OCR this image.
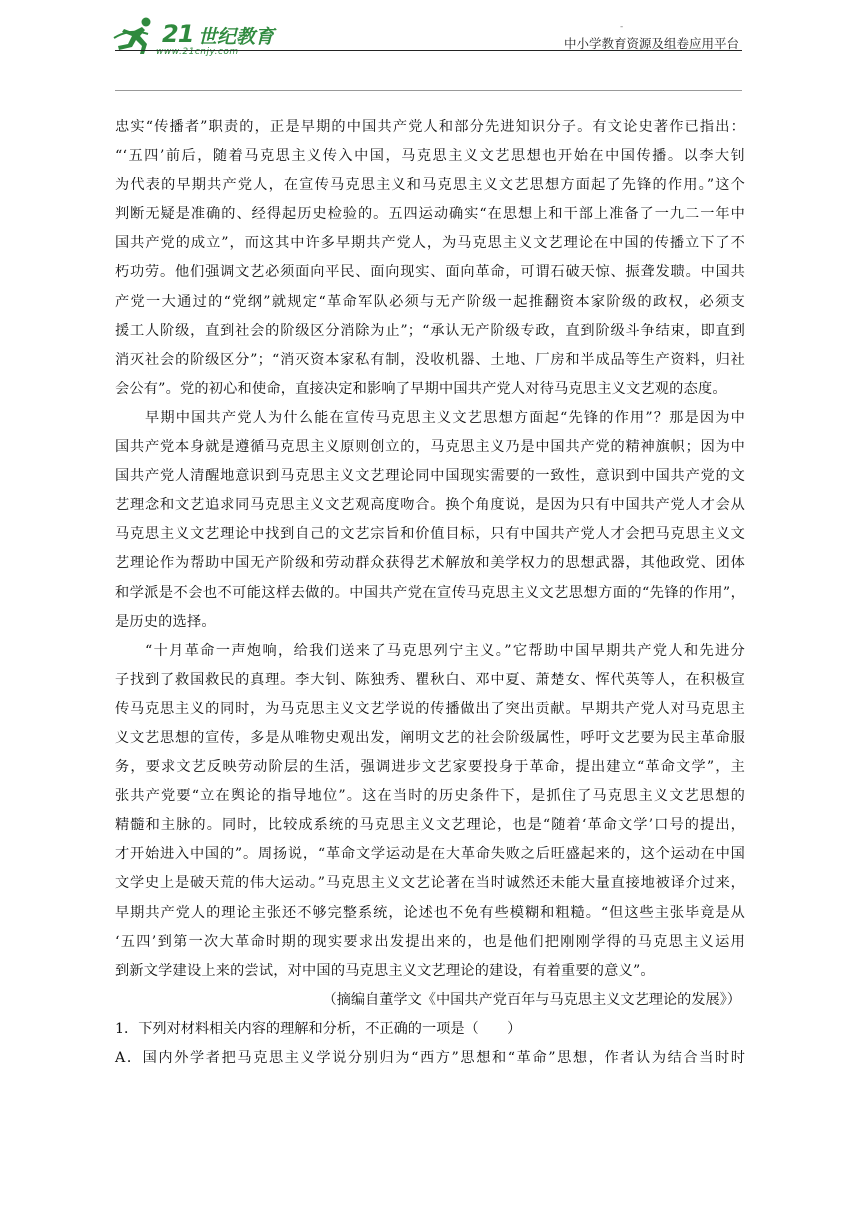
21 世纪教育
www.21cnjy.com
-
中小学教育资源及组卷应用平台
忠实“传播者”职责的，正是早期的中国共产党人和部分先进知识分子。有文论史著作已指出：
“‘五四’前后，随着马克思主义传入中国，马克思主义文艺思想也开始在中国传播。以李大钊
为代表的早期共产党人，在宣传马克思主义和马克思主义文艺思想方面起了先锋的作用。”这个
判断无疑是准确的、经得起历史检验的。五四运动确实“在思想上和干部上准备了一九二一年中
国共产党的成立”，而这其中许多早期共产党人，为马克思主义文艺理论在中国的传播立下了不
朽功劳。他们强调文艺必须面向平民、面向现实、面向革命，可谓石破天惊、振聋发聩。中国共
产党一大通过的“党纲”就规定“革命军队必须与无产阶级一起推翻资本家阶级的政权，必须支
援工人阶级，直到社会的阶级区分消除为止”；“承认无产阶级专政，直到阶级斗争结束，即直到
消灭社会的阶级区分”；“消灭资本家私有制，没收机器、土地、厂房和半成品等生产资料，归社
会公有”。党的初心和使命，直接决定和影响了早期中国共产党人对待马克思主义文艺观的态度。
早期中国共产党人为什么能在宣传马克思主义文艺思想方面起“先锋的作用”？那是因为中
国共产党本身就是遵循马克思主义原则创立的，马克思主义乃是中国共产党的精神旗帜；因为中
国共产党人清醒地意识到马克思主义文艺理论同中国现实需要的一致性，意识到中国共产党的文
艺理念和文艺追求同马克思主义文艺观高度吻合。换个角度说，是因为只有中国共产党人才会从
马克思主义文艺理论中找到自己的文艺宗旨和价值目标，只有中国共产党人才会把马克思主义文
艺理论作为帮助中国无产阶级和劳动群众获得艺术解放和美学权力的思想武器，其他政党、团体
和学派是不会也不可能这样去做的。中国共产党在宣传马克思主义文艺思想方面的“先锋的作用”，
是历史的选择。
“十月革命一声炮响，给我们送来了马克思列宁主义。”它帮助中国早期共产党人和先进分
子找到了救国救民的真理。李大钊、陈独秀、瞿秋白、邓中夏、萧楚女、恽代英等人，在积极宣
传马克思主义的同时，为马克思主义文艺学说的传播做出了突出贡献。早期共产党人对马克思主
义文艺思想的宣传，多是从唯物史观出发，阐明文艺的社会阶级属性，呼吁文艺要为民主革命服
务，要求文艺反映劳动阶层的生活，强调进步文艺家要投身于革命，提出建立“革命文学”，主
张共产党要“立在舆论的指导地位”。这在当时的历史条件下，是抓住了马克思主义文艺思想的
精髓和主脉的。同时，比较成系统的马克思主义文艺理论，也是“随着‘革命文学’口号的提出，
才开始进入中国的”。周扬说，“革命文学运动是在大革命失败之后旺盛起来的，这个运动在中国
文学史上是破天荒的伟大运动。”马克思主义文艺论著在当时诚然还未能大量直接地被译介过来，
早期共产党人的理论主张还不够完整系统，论述也不免有些模糊和粗糙。“但这些主张毕竟是从
‘五四’到第一次大革命时期的现实要求出发提出来的，也是他们把刚刚学得的马克思主义运用
到新文学建设上来的尝试，对中国的马克思主义文艺理论的建设，有着重要的意义”。
（摘编自董学文《中国共产党百年与马克思主义文艺理论的发展》）
1．下列对材料相关内容的理解和分析，不正确的一项是（　　）
A．国内外学者把马克思主义学说分别归为“西方”思想和“革命”思想，作者认为结合当时时
